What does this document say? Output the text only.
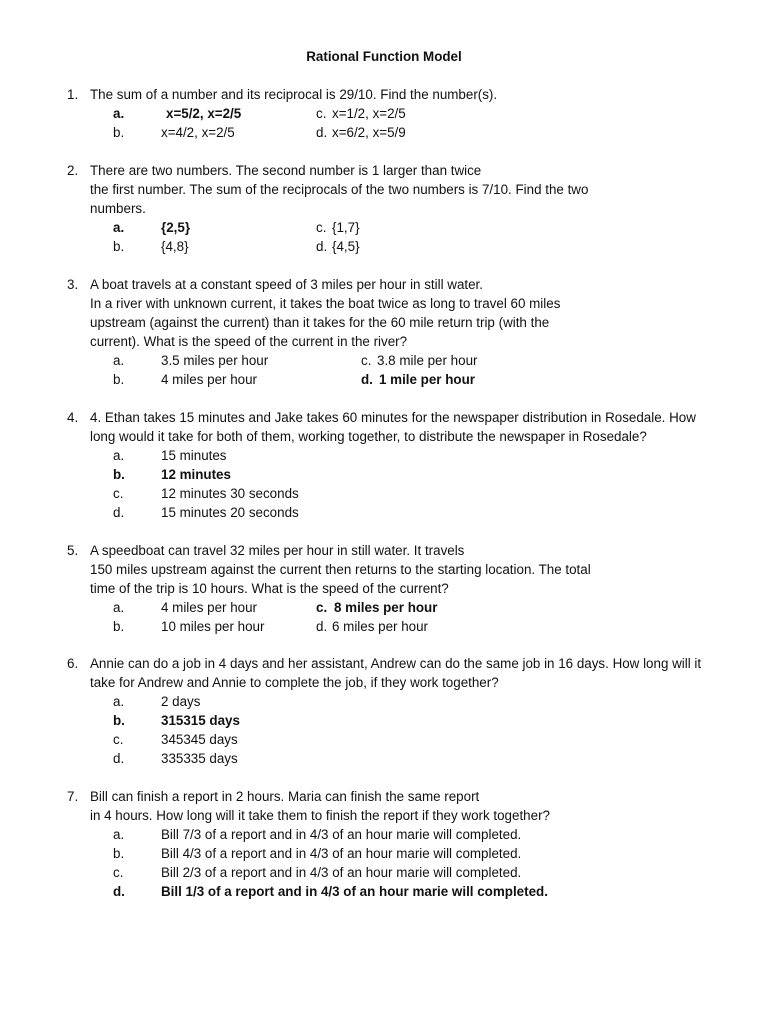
Rational Function Model
1. The sum of a number and its reciprocal is 29/10. Find the number(s).
a.	x=5/2, x=2/5	c. x=1/2, x=2/5
b.	x=4/2, x=2/5	d. x=6/2, x=5/9
2. There are two numbers. The second number is 1 larger than twice
the first number. The sum of the reciprocals of the two numbers is 7/10. Find the two
numbers.
a.	{2,5}	c. {1,7}
b.	{4,8}	d. {4,5}
3. A boat travels at a constant speed of 3 miles per hour in still water.
In a river with unknown current, it takes the boat twice as long to travel 60 miles
upstream (against the current) than it takes for the 60 mile return trip (with the
current). What is the speed of the current in the river?
a.	3.5 miles per hour	c. 3.8 mile per hour
b.	4 miles per hour	d. 1 mile per hour
4. 4. Ethan takes 15 minutes and Jake takes 60 minutes for the newspaper distribution in Rosedale. How
long would it take for both of them, working together, to distribute the newspaper in Rosedale?
a.	15 minutes
b.	12 minutes
c.	12 minutes 30 seconds
d.	15 minutes 20 seconds
5. A speedboat can travel 32 miles per hour in still water. It travels
150 miles upstream against the current then returns to the starting location. The total
time of the trip is 10 hours. What is the speed of the current?
a.	4 miles per hour	c. 8 miles per hour
b.	10 miles per hour	d. 6 miles per hour
6. Annie can do a job in 4 days and her assistant, Andrew can do the same job in 16 days. How long will it
take for Andrew and Annie to complete the job, if they work together?
a.	2 days
b.	315315 days
c.	345345 days
d.	335335 days
7. Bill can finish a report in 2 hours. Maria can finish the same report
in 4 hours. How long will it take them to finish the report if they work together?
a.	Bill 7/3 of a report and in 4/3 of an hour marie will completed.
b.	Bill 4/3 of a report and in 4/3 of an hour marie will completed.
c.	Bill 2/3 of a report and in 4/3 of an hour marie will completed.
d.	Bill 1/3 of a report and in 4/3 of an hour marie will completed.
